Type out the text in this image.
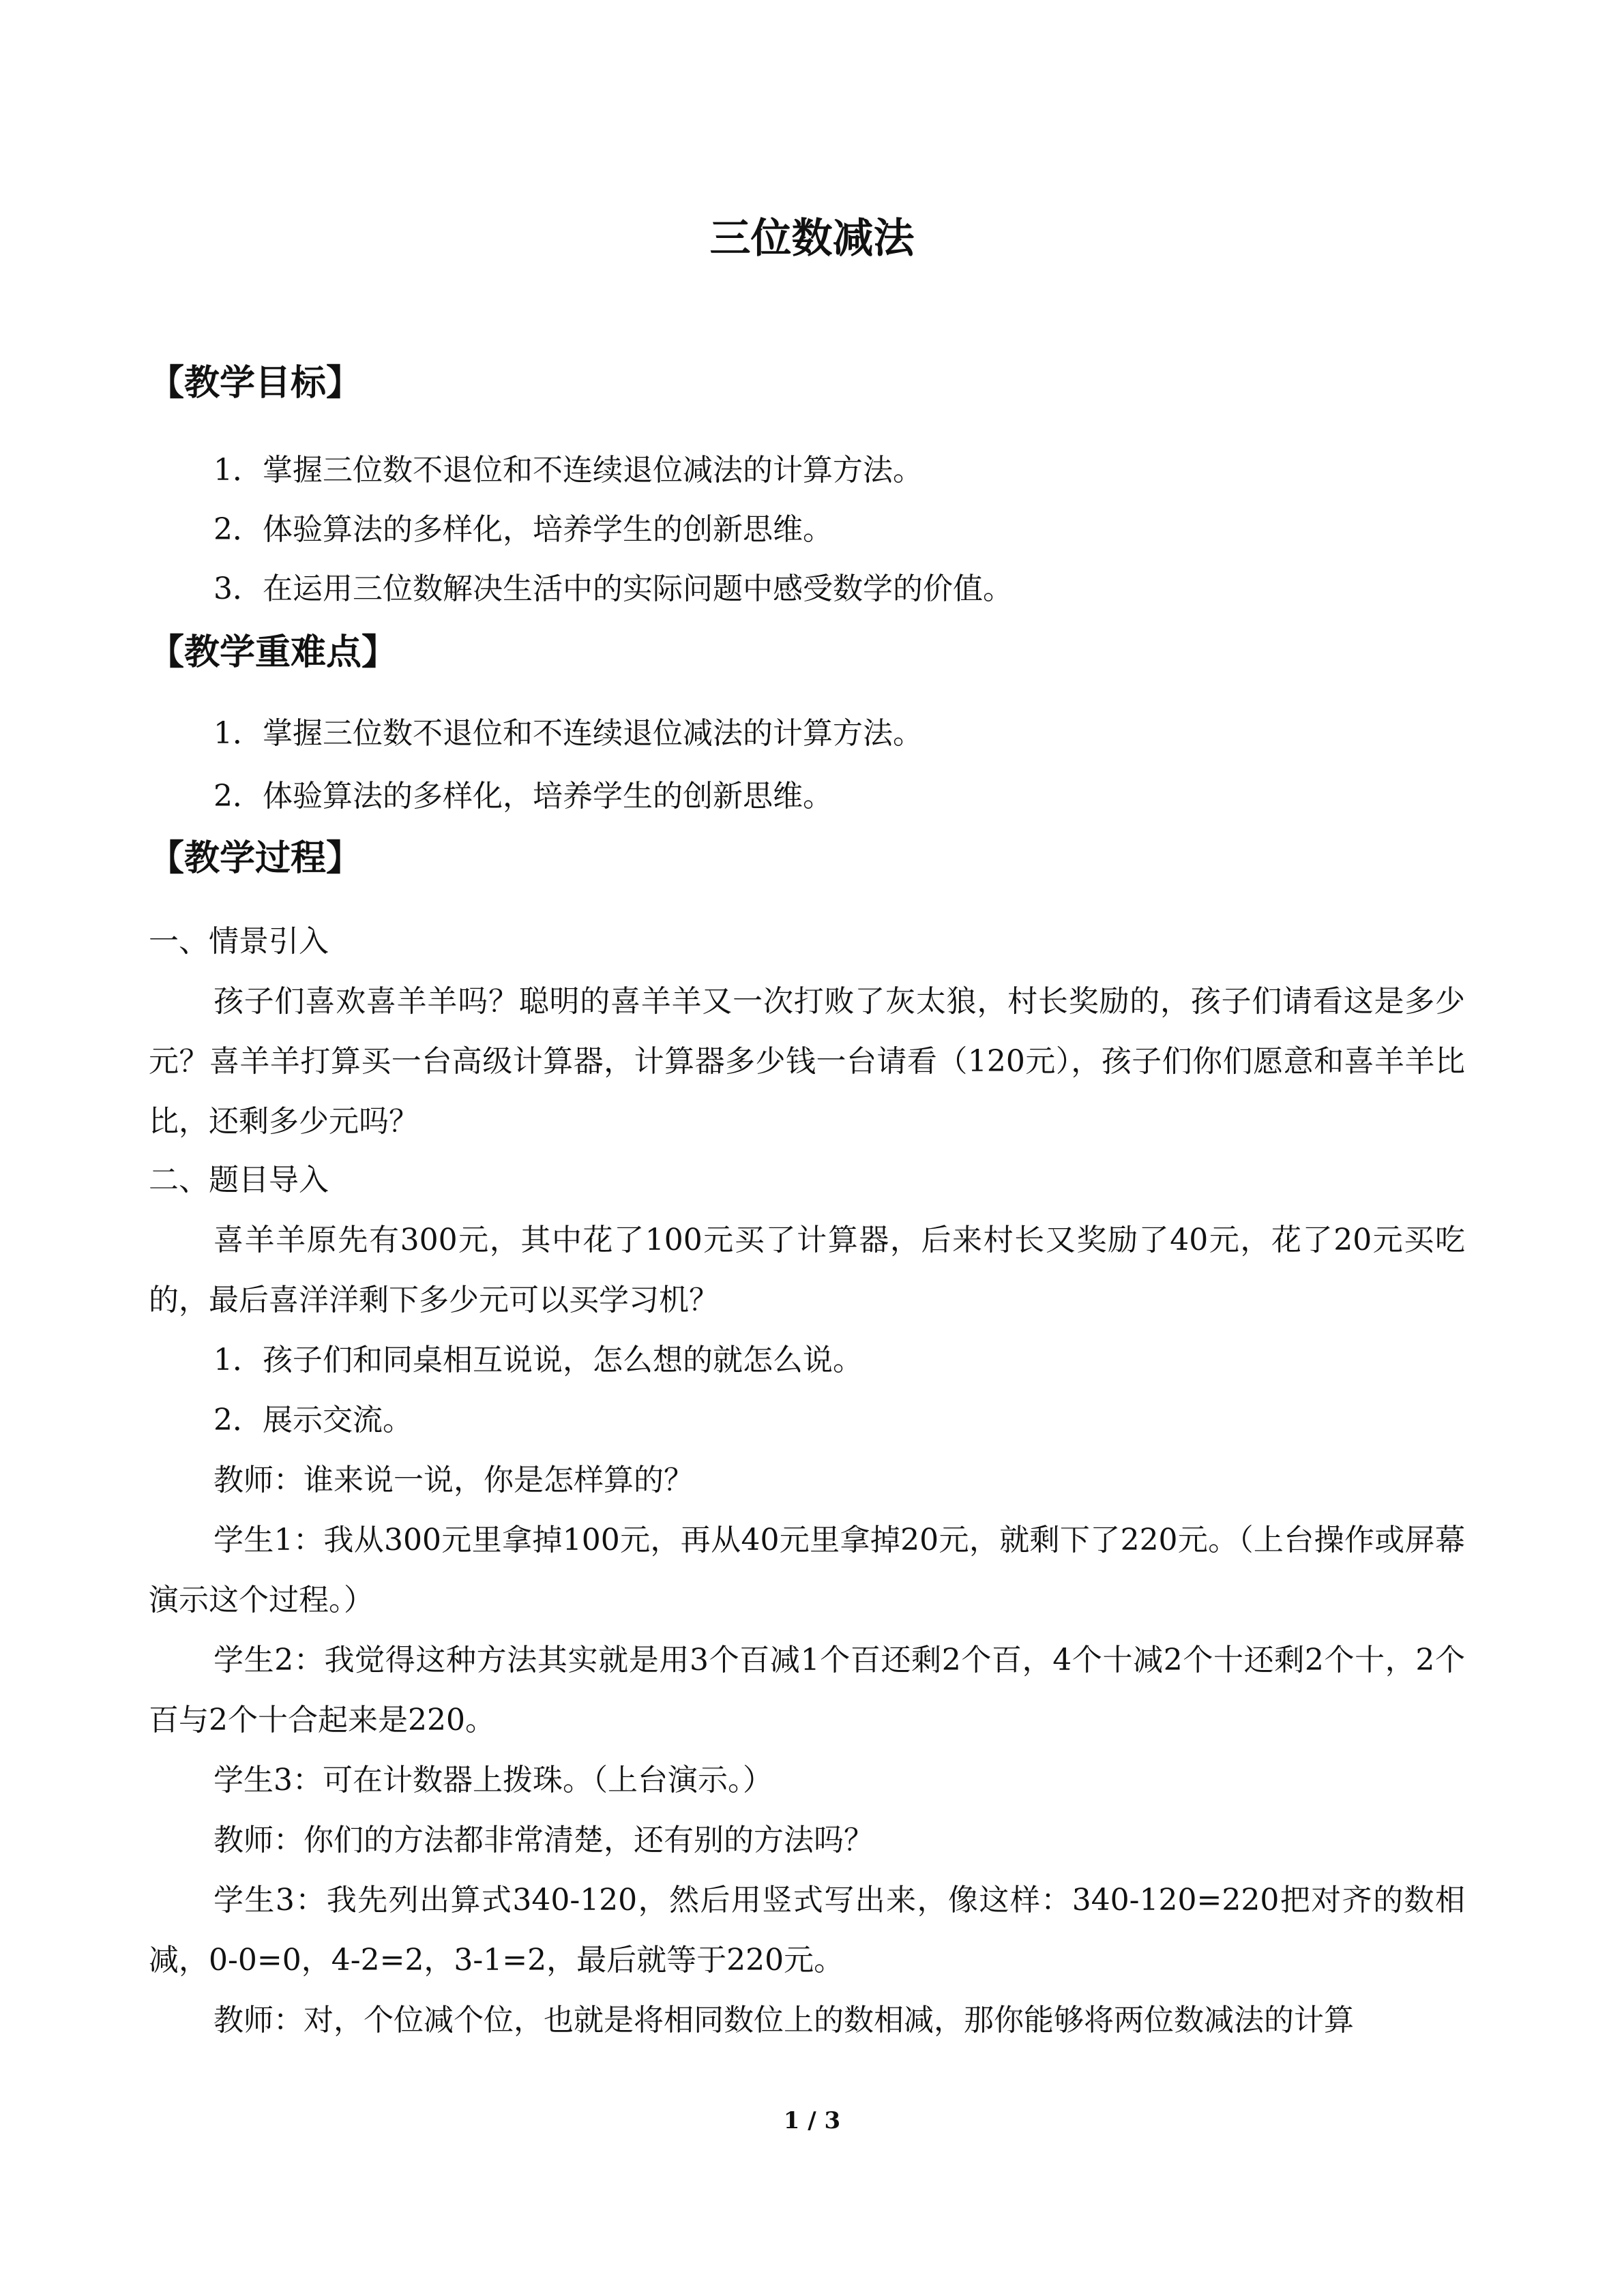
三位数减法
【教学目标】
1．掌握三位数不退位和不连续退位减法的计算方法。
2．体验算法的多样化，培养学生的创新思维。
3．在运用三位数解决生活中的实际问题中感受数学的价值。
【教学重难点】
1．掌握三位数不退位和不连续退位减法的计算方法。
2．体验算法的多样化，培养学生的创新思维。
【教学过程】
一、情景引入
孩子们喜欢喜羊羊吗？聪明的喜羊羊又一次打败了灰太狼，村长奖励的，孩子们请看这是多少元？喜羊羊打算买一台高级计算器，计算器多少钱一台请看（120元），孩子们你们愿意和喜羊羊比比，还剩多少元吗？
二、题目导入
喜羊羊原先有300元，其中花了100元买了计算器，后来村长又奖励了40元，花了20元买吃的，最后喜洋洋剩下多少元可以买学习机？
1．孩子们和同桌相互说说，怎么想的就怎么说。
2．展示交流。
教师：谁来说一说，你是怎样算的？
学生1：我从300元里拿掉100元，再从40元里拿掉20元，就剩下了220元。（上台操作或屏幕演示这个过程。）
学生2：我觉得这种方法其实就是用3个百减1个百还剩2个百，4个十减2个十还剩2个十，2个百与2个十合起来是220。
学生3：可在计数器上拨珠。（上台演示。）
教师：你们的方法都非常清楚，还有别的方法吗？
学生3：我先列出算式340-120，然后用竖式写出来，像这样：340-120=220把对齐的数相减，0-0=0，4-2=2，3-1=2，最后就等于220元。
教师：对，个位减个位，也就是将相同数位上的数相减，那你能够将两位数减法的计算
1 / 3
